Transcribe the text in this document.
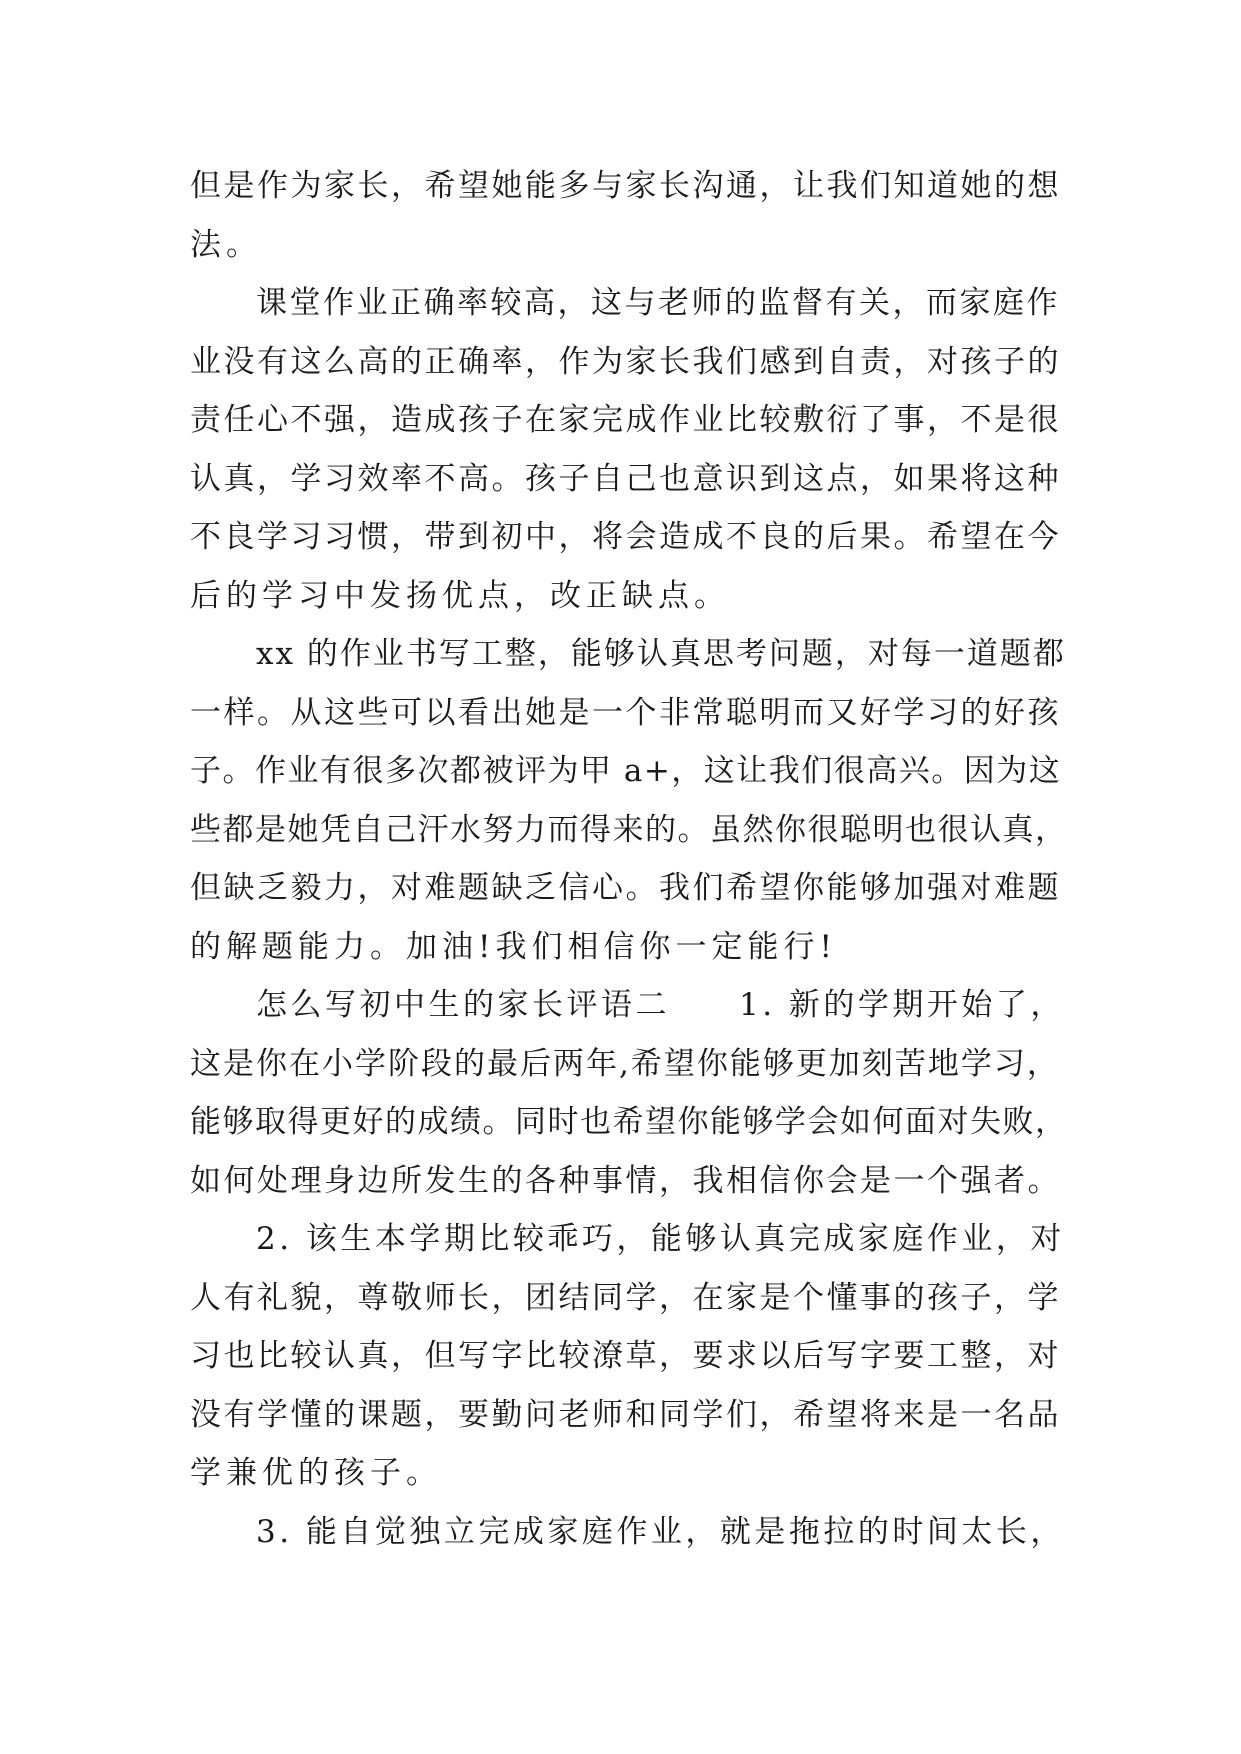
但是作为家长，希望她能多与家长沟通，让我们知道她的想
法。

课堂作业正确率较高，这与老师的监督有关，而家庭作
业没有这么高的正确率，作为家长我们感到自责，对孩子的
责任心不强，造成孩子在家完成作业比较敷衍了事，不是很
认真，学习效率不高。孩子自己也意识到这点，如果将这种
不良学习习惯，带到初中，将会造成不良的后果。希望在今
后的学习中发扬优点，改正缺点。

xx 的作业书写工整，能够认真思考问题，对每一道题都
一样。从这些可以看出她是一个非常聪明而又好学习的好孩
子。作业有很多次都被评为甲 a+，这让我们很高兴。因为这
些都是她凭自己汗水努力而得来的。虽然你很聪明也很认真，
但缺乏毅力，对难题缺乏信心。我们希望你能够加强对难题
的解题能力。加油!我们相信你一定能行!

怎么写初中生的家长评语二　　1. 新的学期开始了，
这是你在小学阶段的最后两年,希望你能够更加刻苦地学习，
能够取得更好的成绩。同时也希望你能够学会如何面对失败，
如何处理身边所发生的各种事情，我相信你会是一个强者。

2. 该生本学期比较乖巧，能够认真完成家庭作业，对
人有礼貌，尊敬师长，团结同学，在家是个懂事的孩子，学
习也比较认真，但写字比较潦草，要求以后写字要工整，对
没有学懂的课题，要勤问老师和同学们，希望将来是一名品
学兼优的孩子。

3. 能自觉独立完成家庭作业，就是拖拉的时间太长，
